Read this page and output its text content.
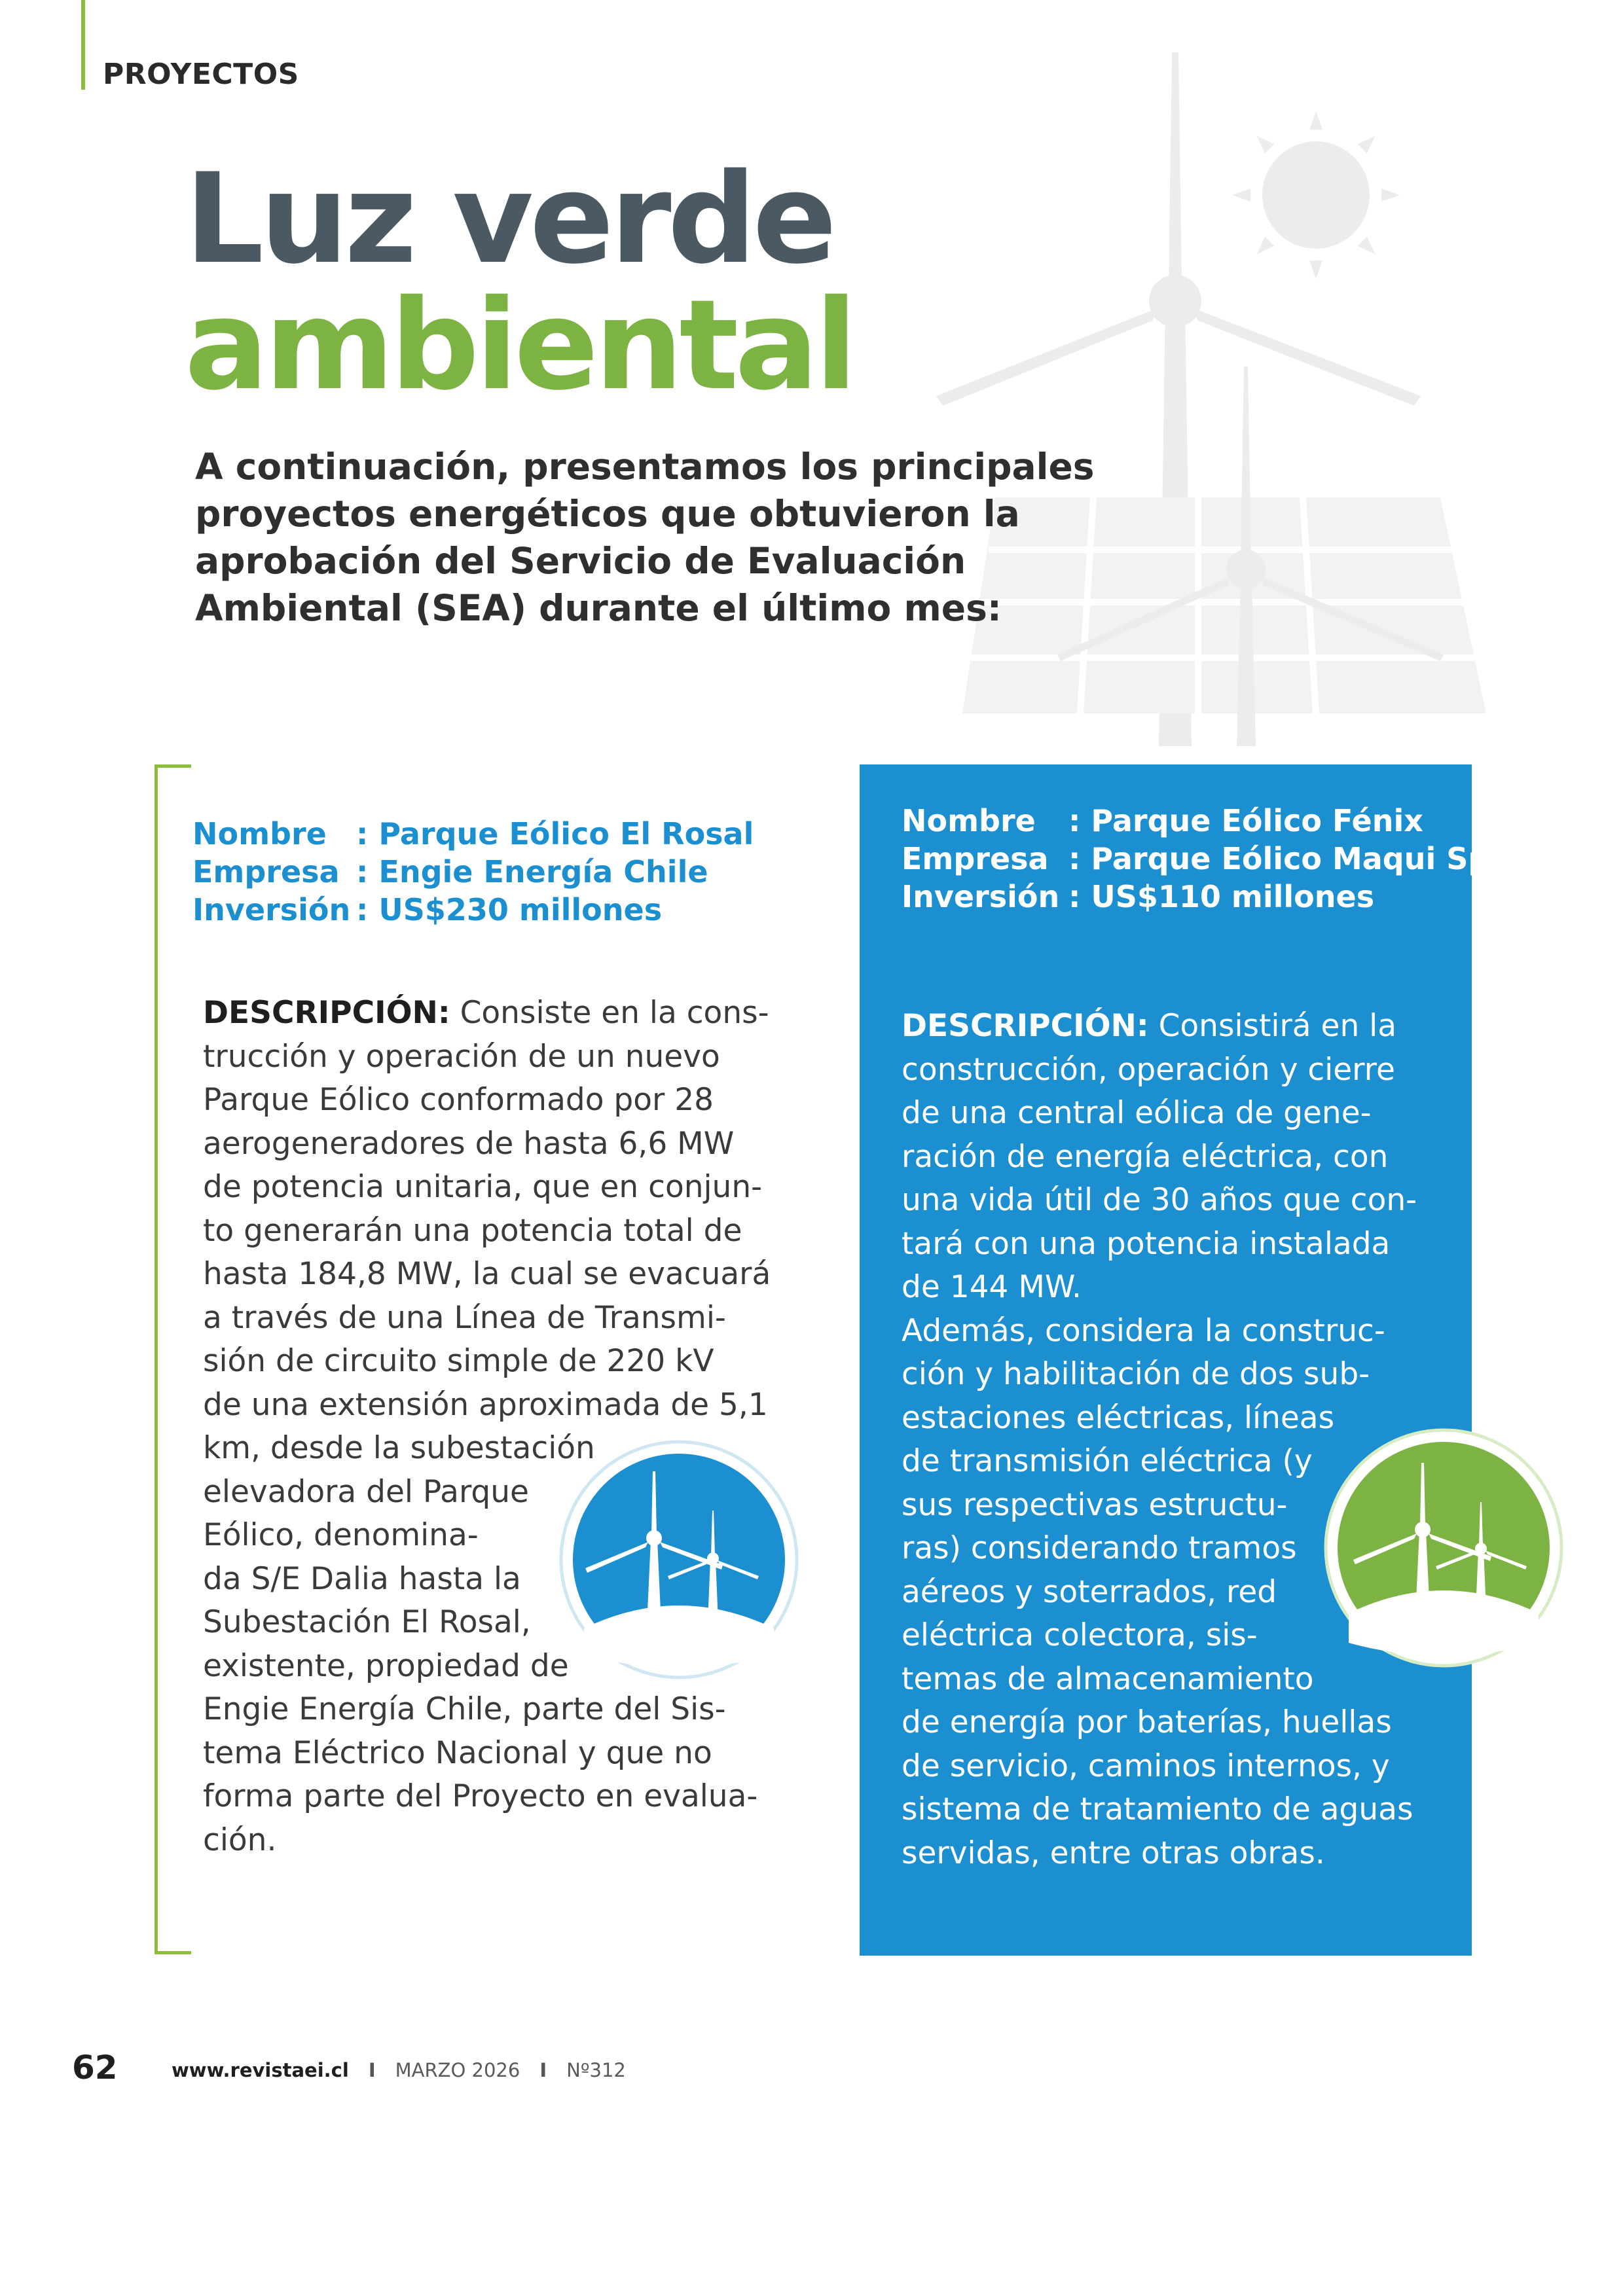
PROYECTOS
Luz verde
ambiental
A continuación, presentamos los principales
proyectos energéticos que obtuvieron la
aprobación del Servicio de Evaluación
Ambiental (SEA) durante el último mes:
Nombre : Parque Eólico El Rosal
Empresa : Engie Energía Chile
Inversión : US$230 millones
DESCRIPCIÓN: Consiste en la cons-
trucción y operación de un nuevo
Parque Eólico conformado por 28
aerogeneradores de hasta 6,6 MW
de potencia unitaria, que en conjun-
to generarán una potencia total de
hasta 184,8 MW, la cual se evacuará
a través de una Línea de Transmi-
sión de circuito simple de 220 kV
de una extensión aproximada de 5,1
km, desde la subestación
elevadora del Parque
Eólico, denomina-
da S/E Dalia hasta la
Subestación El Rosal,
existente, propiedad de
Engie Energía Chile, parte del Sis-
tema Eléctrico Nacional y que no
forma parte del Proyecto en evalua-
ción.
Nombre	: Parque Eólico Fénix
Empresa : Parque Eólico Maqui SpA
Inversión : US$110 millones
DESCRIPCIÓN: Consistirá en la
construcción, operación y cierre
de una central eólica de gene-
ración de energía eléctrica, con
una vida útil de 30 años que con-
tará con una potencia instalada
de 144 MW.
Además, considera la construc-
ción y habilitación de dos sub-
estaciones eléctricas, líneas
de transmisión eléctrica (y
sus respectivas estructu-
ras) considerando tramos
aéreos y soterrados, red
eléctrica colectora, sis-
temas de almacenamiento
de energía por baterías, huellas
de servicio, caminos internos, y
sistema de tratamiento de aguas
servidas, entre otras obras.
62	www.revistaei.cl I MARZO 2026 I Nº312
